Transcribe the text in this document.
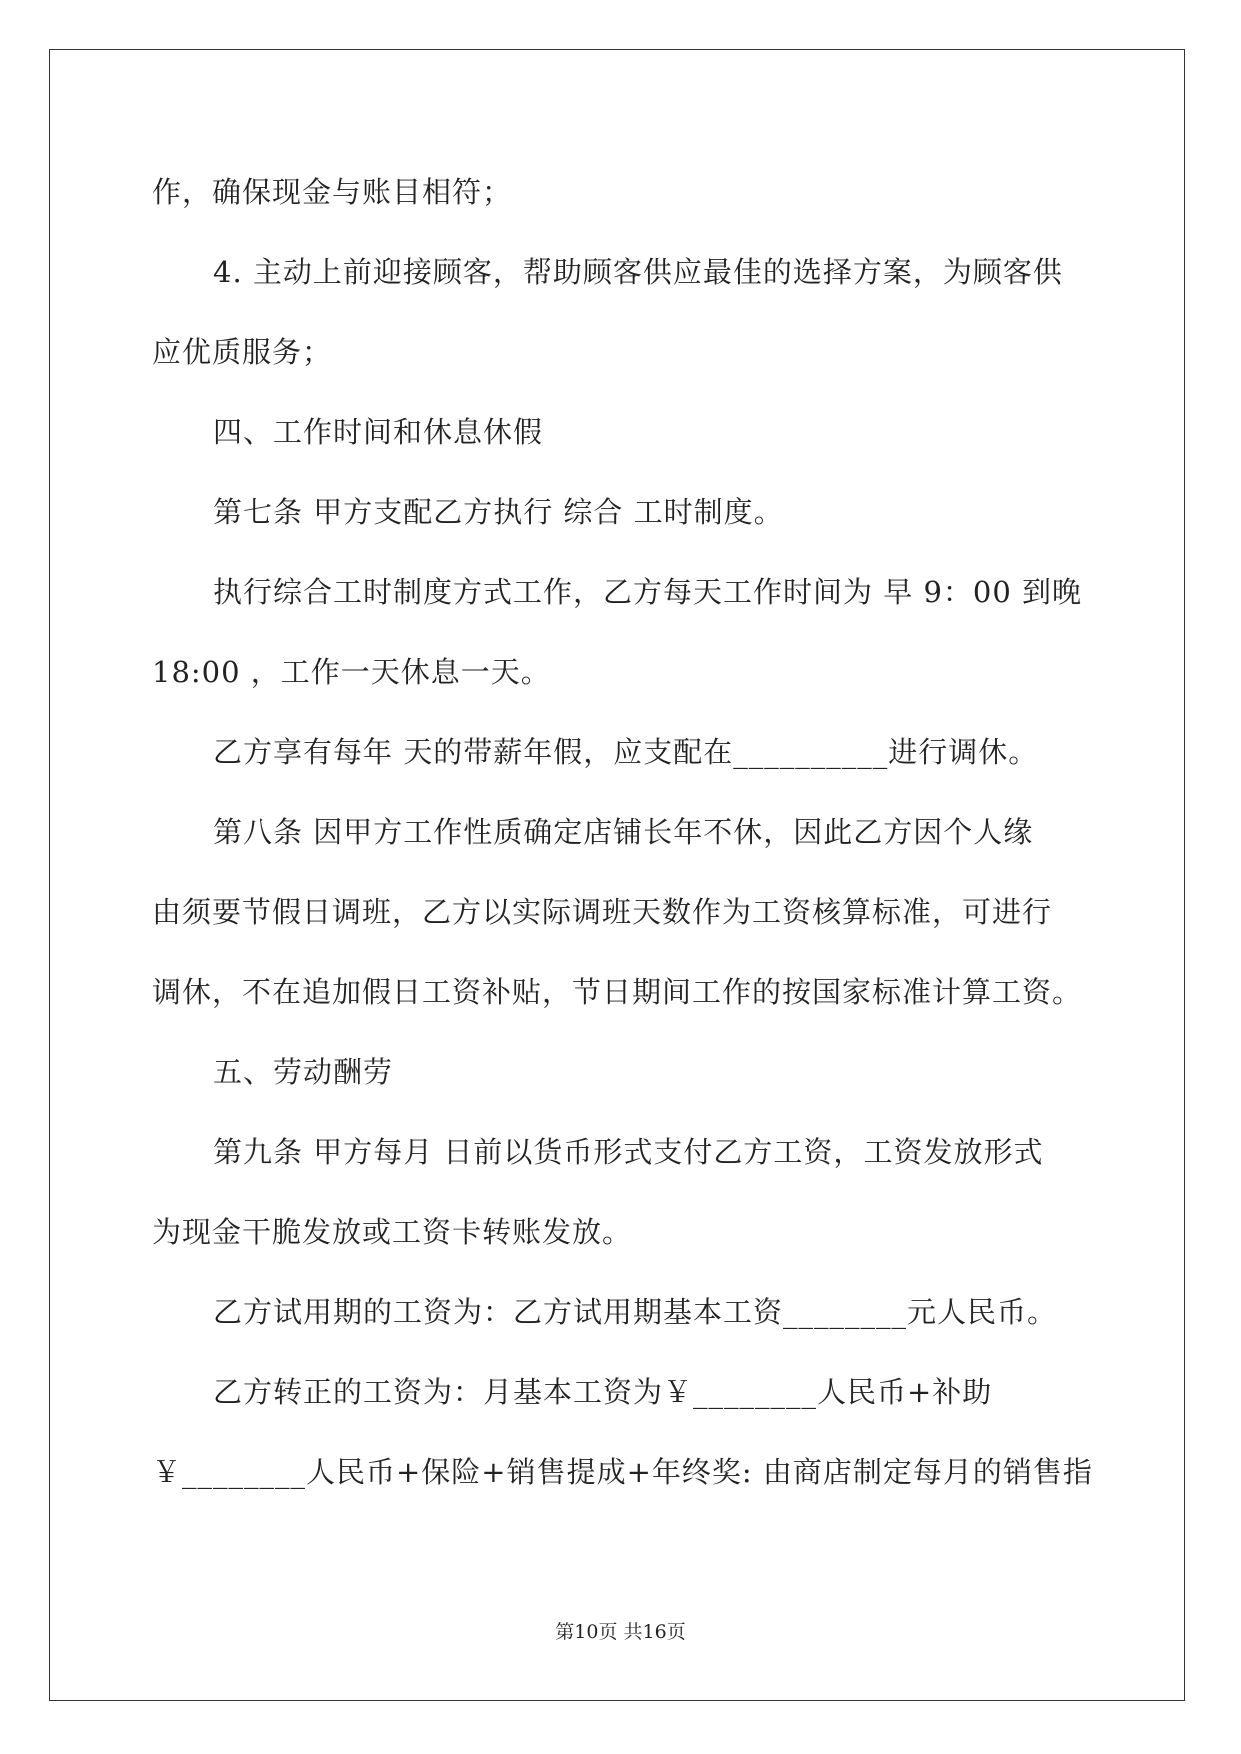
作，确保现金与账目相符；
4. 主动上前迎接顾客，帮助顾客供应最佳的选择方案，为顾客供
应优质服务；
四、工作时间和休息休假
第七条 甲方支配乙方执行 综合 工时制度。
执行综合工时制度方式工作，乙方每天工作时间为 早 9：00 到晚
18:00 ，工作一天休息一天。
乙方享有每年 天的带薪年假，应支配在__________进行调休。
第八条 因甲方工作性质确定店铺长年不休，因此乙方因个人缘
由须要节假日调班，乙方以实际调班天数作为工资核算标准，可进行
调休，不在追加假日工资补贴，节日期间工作的按国家标准计算工资。
五、劳动酬劳
第九条 甲方每月 日前以货币形式支付乙方工资，工资发放形式
为现金干脆发放或工资卡转账发放。
乙方试用期的工资为：乙方试用期基本工资________元人民币。
乙方转正的工资为：月基本工资为￥________人民币+补助
￥________人民币+保险+销售提成+年终奖: 由商店制定每月的销售指
第10页 共16页
